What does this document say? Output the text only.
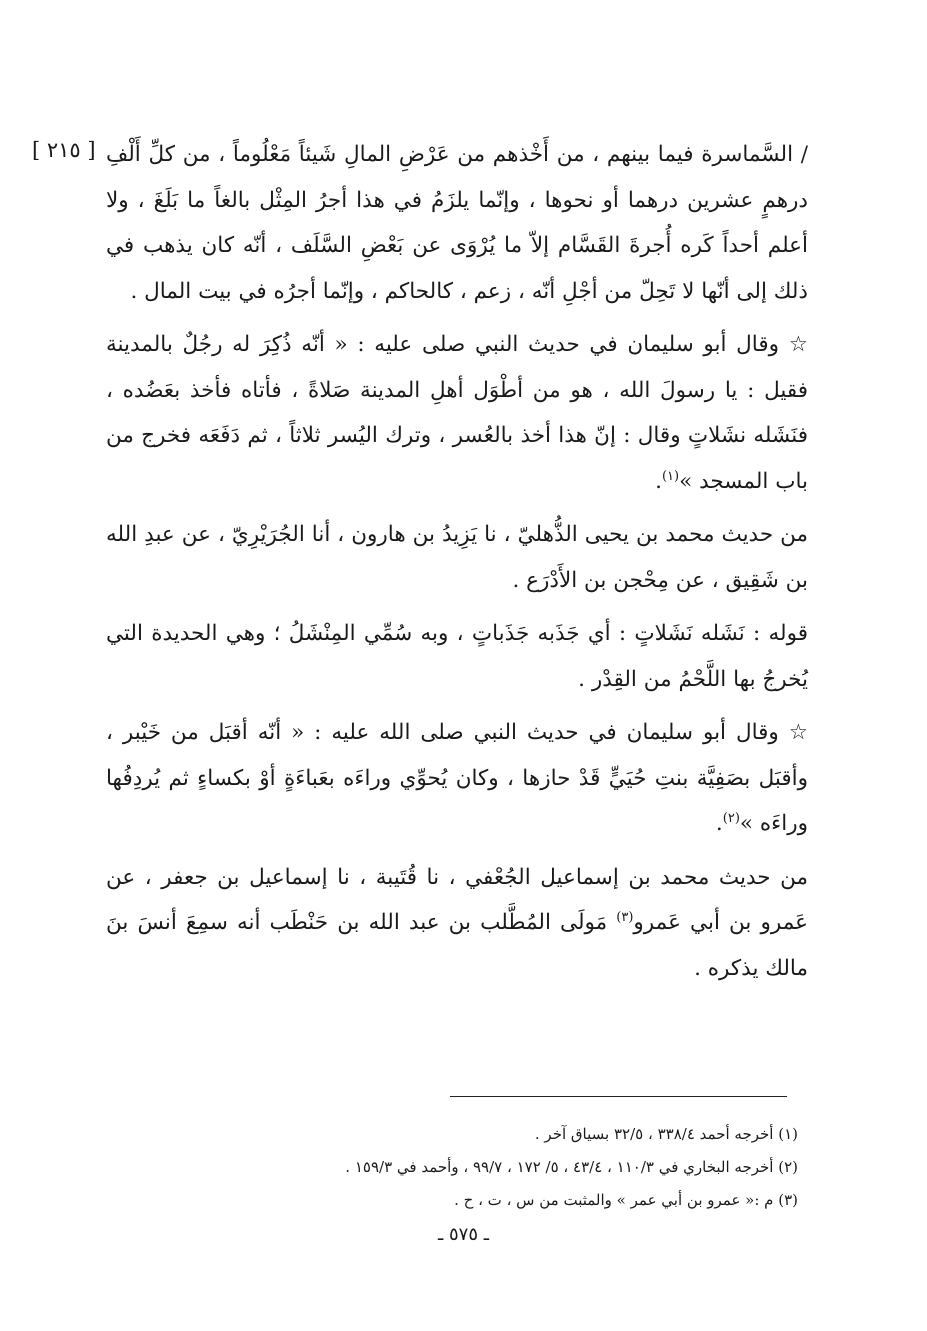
[ ٢١٥ ] / السَّماسرة فيما بينهم ، من أَخْذهم من عَرْضِ المالِ شَيئاً مَعْلُوماً ، من كلِّ أَلْفِ درهمٍ عشرين درهما أو نحوها ، وإنّما يلزَمُ في هذا أجرُ المِثْل بالغاً ما بَلَغَ ، ولا أعلم أحداً كَره أُجرةَ القَسَّام إلاّ ما يُرْوَى عن بَعْضِ السَّلَف ، أنّه كان يذهب في ذلك إلى أنّها لا تَحِلّ من أجْلِ أنّه ، زعم ، كالحاكم ، وإنّما أجرُه في بيت المال .

☆ وقال أبو سليمان في حديث النبي صلى عليه : « أنّه ذُكِرَ له رجُلٌ بالمدينة فقيل : يا رسولَ الله ، هو من أطْوَل أهلِ المدينة صَلاةً ، فأتاه فأخذ بعَضُده ، فنَشَله نشَلاتٍ وقال : إنّ هذا أخذ بالعُسر ، وترك اليُسر ثلاثاً ، ثم دَفَعَه فخرج من باب المسجد »$^{(١)}$.

من حديث محمد بن يحيى الذُّهليّ ، نا يَزِيدُ بن هارون ، أنا الجُرَيْرِيّ ، عن عبدِ الله بن شَقِيق ، عن مِحْجن بن الأَدْرَع .

قوله : نَشَله نَشَلاتٍ : أي جَذَبه جَذَباتٍ ، وبه سُمِّي المِنْشَلُ ؛ وهي الحديدة التي يُخرجُ بها اللَّحْمُ من القِدْر .

☆ وقال أبو سليمان في حديث النبي صلى الله عليه : « أنّه أقبَل من خَيْبر ، وأقبَل بصَفِيَّة بنتِ حُيَيٍّ قَدْ حازها ، وكان يُحوِّي وراءَه بعَباءَةٍ أوْ بكساءٍ ثم يُردِفُها وراءَه »$^{(٢)}$.

من حديث محمد بن إسماعيل الجُعْفي ، نا قُتَيبة ، نا إسماعيل بن جعفر ، عن عَمرو بن أبي عَمرو$^{(٣)}$ مَولَى المُطَّلب بن عبد الله بن حَنْطَب أنه سمِعَ أنسَ بنَ مالك يذكره .

(١) أخرجه أحمد ٣٣٨/٤ ، ٣٢/٥ بسياق آخر .
(٢) أخرجه البخاري في ١١٠/٣ ، ٤٣/٤ ، ٥/ ١٧٢ ، ٩٩/٧ ، وأحمد في ١٥٩/٣ .
(٣) م :« عمرو بن أبي عمر » والمثبت من س ، ت ، ح .
ـ ٥٧٥ ـ
